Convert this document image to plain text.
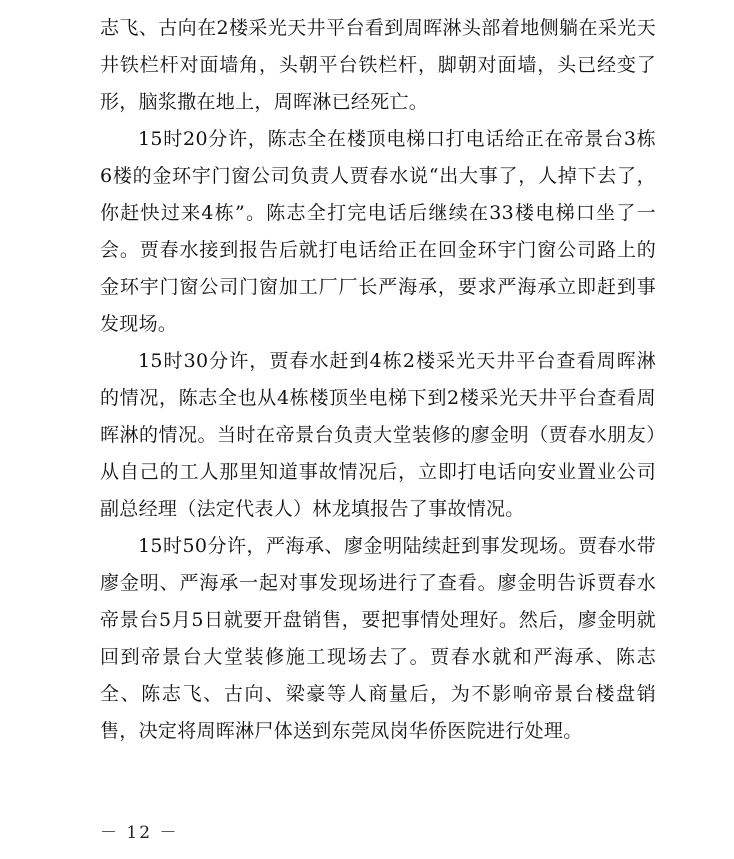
志飞、古向在2楼采光天井平台看到周晖淋头部着地侧躺在采光天井铁栏杆对面墙角，头朝平台铁栏杆，脚朝对面墙，头已经变了形，脑浆撒在地上，周晖淋已经死亡。

15时20分许，陈志全在楼顶电梯口打电话给正在帝景台3栋6楼的金环宇门窗公司负责人贾春水说“出大事了，人掉下去了，你赶快过来4栋”。陈志全打完电话后继续在33楼电梯口坐了一会。贾春水接到报告后就打电话给正在回金环宇门窗公司路上的金环宇门窗公司门窗加工厂厂长严海承，要求严海承立即赶到事发现场。

15时30分许，贾春水赶到4栋2楼采光天井平台查看周晖淋的情况，陈志全也从4栋楼顶坐电梯下到2楼采光天井平台查看周晖淋的情况。当时在帝景台负责大堂装修的廖金明（贾春水朋友）从自己的工人那里知道事故情况后，立即打电话向安业置业公司副总经理（法定代表人）林龙填报告了事故情况。

15时50分许，严海承、廖金明陆续赶到事发现场。贾春水带廖金明、严海承一起对事发现场进行了查看。廖金明告诉贾春水帝景台5月5日就要开盘销售，要把事情处理好。然后，廖金明就回到帝景台大堂装修施工现场去了。贾春水就和严海承、陈志全、陈志飞、古向、梁豪等人商量后，为不影响帝景台楼盘销售，决定将周晖淋尸体送到东莞凤岗华侨医院进行处理。

－ 12 －
